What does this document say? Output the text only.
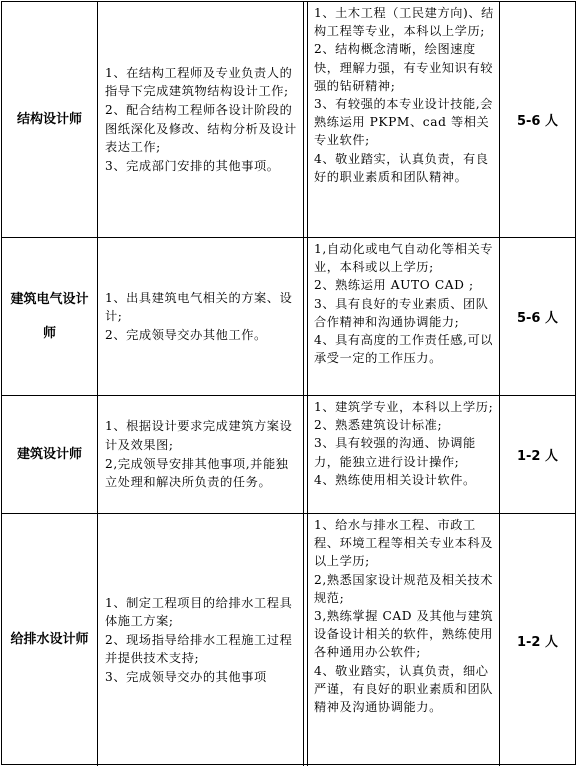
结构设计师

1、在结构工程师及专业负责人的指导下完成建筑物结构设计工作;

2、配合结构工程师各设计阶段的图纸深化及修改、结构分析及设计表达工作;

3、完成部门安排的其他事项。

1、土木工程（工民建方向)、结构工程等专业，本科以上学历;

2、结构概念清晰，绘图速度快，理解力强，有专业知识有较强的钻研精神;

3、有较强的本专业设计技能,会熟练运用 PKPM、cad 等相关专业软件;

4、敬业踏实，认真负责，有良好的职业素质和团队精神。

5-6 人
建筑电气设计师

1、出具建筑电气相关的方案、设计;

2、完成领导交办其他工作。

1,自动化或电气自动化等相关专业，本科或以上学历;

2、熟练运用 AUTO CAD ;

3、具有良好的专业素质、团队合作精神和沟通协调能力;

4、具有高度的工作责任感,可以承受一定的工作压力。

5-6 人
建筑设计师

1、根据设计要求完成建筑方案设计及效果图;

2,完成领导安排其他事项,并能独立处理和解决所负责的任务。

1、建筑学专业，本科以上学历;

2、熟悉建筑设计标准;

3、具有较强的沟通、协调能力，能独立进行设计操作;

4、熟练使用相关设计软件。

1-2 人
给排水设计师

1、制定工程项目的给排水工程具体施工方案;

2、现场指导给排水工程施工过程并提供技术支持;

3、完成领导交办的其他事项

1、给水与排水工程、市政工程、环境工程等相关专业本科及以上学历;

2,熟悉国家设计规范及相关技术规范;

3,熟练掌握 CAD 及其他与建筑设备设计相关的软件，熟练使用各种通用办公软件;

4、敬业踏实，认真负责，细心严谨，有良好的职业素质和团队精神及沟通协调能力。

1-2 人
